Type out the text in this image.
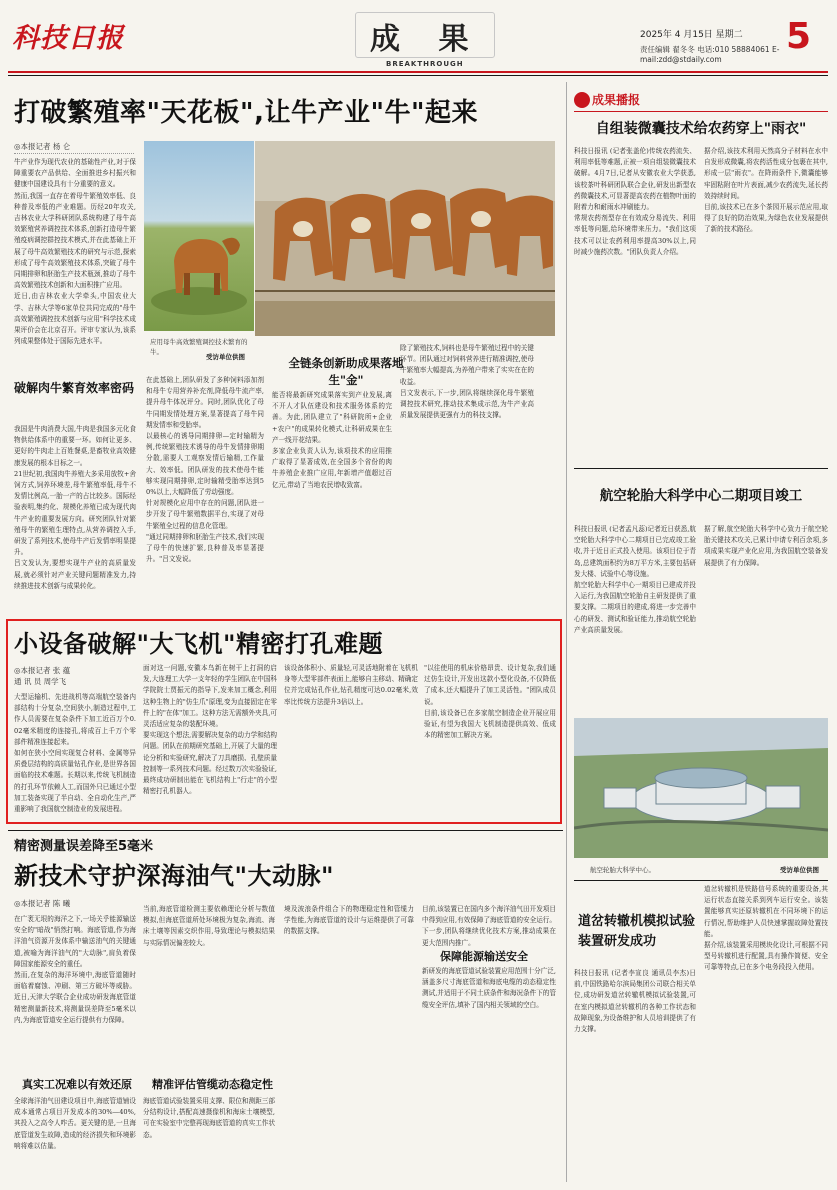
科技日报	成 果
BREAKTHROUGH
2025年 4 月15日 星期二
责任编辑 翟冬冬 电话:010 58884061 E-mail:zdd@stdaily.com
5
打破繁殖率"天花板",让牛产业"牛"起来
◎本报记者 杨 仑

牛产业作为现代农业的基础性产业,对于保障重要农产品供给、全面推进乡村振兴和健康中国建设具有十分重要的意义。

然而,我国一直存在着母牛繁殖效率低、良种普及率低的产业难题。历经20年攻关,吉林农业大学科研团队系统构建了母牛高效繁殖营养调控技术体系,创新打造母牛繁殖疫病调控群控技术模式,并在此基础上开展了母牛高效繁殖技术的研究与示范,探索形成了母牛高效繁殖技术体系,突破了母牛同期排卵和胚胎生产技术瓶颈,推动了母牛高效繁殖技术创新和大面积推广应用。

近日,由吉林农业大学牵头,中国农业大学、吉林大学等6家单位共同完成的"母牛高效繁殖调控技术创新与应用"科学技术成果评价会在北京召开。评审专家认为,该系列成果整体处于国际先进水平。

破解肉牛繁育效率密码

我国是牛肉消费大国,牛肉是我国多元化食物供给体系中的重要一环。如何让更多、更好的牛肉走上百姓餐桌,是畜牧业高效健康发展的根本目标之一。

21世纪初,我国肉牛养殖大多采用放牧+舍饲方式,饲养环境差,母牛繁殖率低,母牛不发情比例高,一胎一产的占比较多。国际经验表明,集约化、规模化养殖已成为现代肉牛产业的重要发展方向。研究团队针对繁殖母牛的繁殖生理特点,从营养调控入手,研发了系列技术,使母牛产后发情率明显提升。

吕文发认为,要想实现牛产业的高质量发展,就必须针对产业关键问题精准发力,持续推进技术创新与成果转化。

应用母牛高效繁殖调控技术繁育的牛。
受访单位供图

在此基础上,团队研发了多种饲料添加剂和母牛专用营养补充剂,降低母牛流产率,提升母牛体况评分。同时,团队优化了母牛同期发情处理方案,显著提高了母牛同期发情率和受胎率。

以最核心的诱导同期排卵—定时输精为例,传统繁殖技术诱导的母牛发情排卵期分散,需要人工观察发情后输精,工作量大、效率低。团队研发的技术使母牛能够实现同期排卵,定时输精受胎率达到50%以上,大幅降低了劳动强度。

针对规模化应用中存在的问题,团队进一步开发了母牛繁殖数据平台,实现了对母牛繁殖全过程的信息化管理。

"通过同期排卵和胚胎生产技术,我们实现了母牛的快速扩繁,良种普及率显著提升。"吕文发说。

全链条创新助成果落地生"金"

能否将最新研究成果落实到产业发展,离不开人才队伍建设和技术服务体系的完善。为此,团队建立了"科研院所+企业+农户"的成果转化模式,让科研成果在生产一线开花结果。

多家企业负责人认为,该项技术的应用推广取得了显著成效,在全国多个省份的肉牛养殖企业推广应用,年新增产值超过百亿元,带动了当地农民增收致富。

除了繁殖技术,饲料也是母牛繁殖过程中的关键环节。团队通过对饲料营养进行精准调控,使母牛繁殖率大幅提高,为养殖户带来了实实在在的收益。

吕文发表示,下一步,团队将继续深化母牛繁殖调控技术研究,推动技术集成示范,为牛产业高质量发展提供更强有力的科技支撑。

小设备破解"大飞机"精密打孔难题
◎本报记者 张 蕴
通 讯 员 周学飞

大型运输机、先进战机等高端航空装备内部结构十分复杂,空间狭小,制造过程中,工作人员需要在复杂条件下加工近百万个0.02毫米精度的连接孔,将成百上千万个零部件精准连接起来。

如何在狭小空间实现复合材料、金属等异质叠层结构的高质量钻孔作业,是世界各国面临的技术难题。长期以来,传统飞机制造的打孔环节依赖人工,而国外只已通过小型加工装备实现了半自动、全自动化生产,严重影响了我国航空制造业的发展进程。

面对这一问题,安徽本鸟新在树干上打洞的启发,大连理工大学一支年轻的学生团队在中国科学院院士贾振元的指导下,发来加工概念,利用这种生物上的"仿生爪"原理,变为直接固定在零件上的"在体"加工。这种方法无需额外夹具,可灵活适应复杂的装配环境。

要实现这个想法,需要解决复杂的动力学和结构问题。团队在前期研究基础上,开展了大量的理论分析和实验研究,解决了刀具磨损、孔壁质量控制等一系列技术问题。经过数万次实验验证,最终成功研制出能在飞机结构上"行走"的小型精密打孔机器人。

该设备体积小、质量轻,可灵活地附着在飞机机身等大型零部件表面上,能够自主移动、精确定位并完成钻孔作业,钻孔精度可达0.02毫米,效率比传统方法提升3倍以上。

"以往使用的机床价格昂贵、设计复杂,我们通过仿生设计,开发出这款小型化设备,不仅降低了成本,还大幅提升了加工灵活性。"团队成员说。

目前,该设备已在多家航空制造企业开展应用验证,有望为我国大飞机制造提供高效、低成本的精密加工解决方案。

精密测量误差降至5毫米
新技术守护深海油气"大动脉"
◎本报记者 陈 曦

在广袤无垠的海洋之下,一场关乎能源输送安全的"暗战"悄然打响。海底管道,作为海洋油气资源开发体系中输送油气的关键通道,被喻为海洋油气的"大动脉",肩负着保障国家能源安全的重任。

然而,在复杂的海洋环境中,海底管道随时面临着腐蚀、冲刷、第三方破坏等威胁。近日,天津大学联合企业成功研发海底管道精密测量新技术,将测量误差降至5毫米以内,为海底管道安全运行提供有力保障。

真实工况难以有效还原

全球海洋油气田建设项目中,海底管道铺设成本通常占项目开发成本的30%—40%,其投入之高令人咋舌。更关键的是,一旦海底管道发生故障,造成的经济损失和环境影响将难以估量。

当前,海底管道检测主要依赖理论分析与数值模拟,但海底管道所处环境极为复杂,海流、海床土壤等因素交织作用,导致理论与模拟结果与实际情况偏差较大。

精准评估管缆动态稳定性

海底管道试验装置采用支撑、限位和测距三部分结构设计,搭配高速摄像机和海床土壤模型,可在实验室中完整再现海底管道的真实工作状态。

境及波浪条件组合下的物理稳定性和管缆力学性能,为海底管道的设计与运维提供了可靠的数据支撑。

目前,该装置已在国内多个海洋油气田开发项目中得到应用,有效保障了海底管道的安全运行。下一步,团队将继续优化技术方案,推动成果在更大范围内推广。

保障能源输送安全

新研发的海底管道试验装置应用范围十分广泛,涵盖多尺寸海底管道和海底电缆的动态稳定性测试,并适用于不同土质条件和海况条件下的管缆安全评估,填补了国内相关领域的空白。

成果播报
自组装微囊技术给农药穿上"雨衣"

科技日报讯 (记者张盖伦)传统农药流失、利用率低等难题,正被一项自组装微囊技术破解。4月7日,记者从安徽农业大学获悉,该校茶叶科研团队联合企业,研发出新型农药微囊技术,可显著提高农药在植物叶面的附着力和耐雨水冲刷能力。

常规农药剂型存在有效成分易流失、利用率低等问题,给环境带来压力。"我们这项技术可以让农药利用率提高30%以上,同时减少施药次数。"团队负责人介绍。

据介绍,该技术利用天然高分子材料在水中自发形成微囊,将农药活性成分包裹在其中,形成一层"雨衣"。在降雨条件下,微囊能够牢固粘附在叶片表面,减少农药流失,延长药效持续时间。

目前,该技术已在多个茶园开展示范应用,取得了良好的防治效果,为绿色农业发展提供了新的技术路径。

航空轮胎大科学中心二期项目竣工

科技日报讯 (记者孟凡蕊)记者近日获悉,航空轮胎大科学中心二期项目已完成竣工验收,并于近日正式投入使用。该项目位于青岛,总建筑面积约为8万平方米,主要包括研发大楼、试验中心等设施。

航空轮胎大科学中心一期项目已建成并投入运行,为我国航空轮胎自主研发提供了重要支撑。二期项目的建成,将进一步完善中心的研发、测试和验证能力,推动航空轮胎产业高质量发展。

据了解,航空轮胎大科学中心致力于航空轮胎关键技术攻关,已累计申请专利百余项,多项成果实现产业化应用,为我国航空装备发展提供了有力保障。

航空轮胎大科学中心。	受访单位供图
道岔转辙机模拟试验装置研发成功

科技日报讯 (记者李宣良 通讯员李杰)日前,中国铁路哈尔滨局集团公司联合相关单位,成功研发道岔转辙机模拟试验装置,可在室内模拟道岔转辙机的各种工作状态和故障现象,为设备维护和人员培训提供了有力支撑。

道岔转辙机是铁路信号系统的重要设备,其运行状态直接关系到列车运行安全。该装置能够真实还原转辙机在不同环境下的运行情况,帮助维护人员快速掌握故障处置技能。

据介绍,该装置采用模块化设计,可根据不同型号转辙机进行配置,具有操作简便、安全可靠等特点,已在多个电务段投入使用。
